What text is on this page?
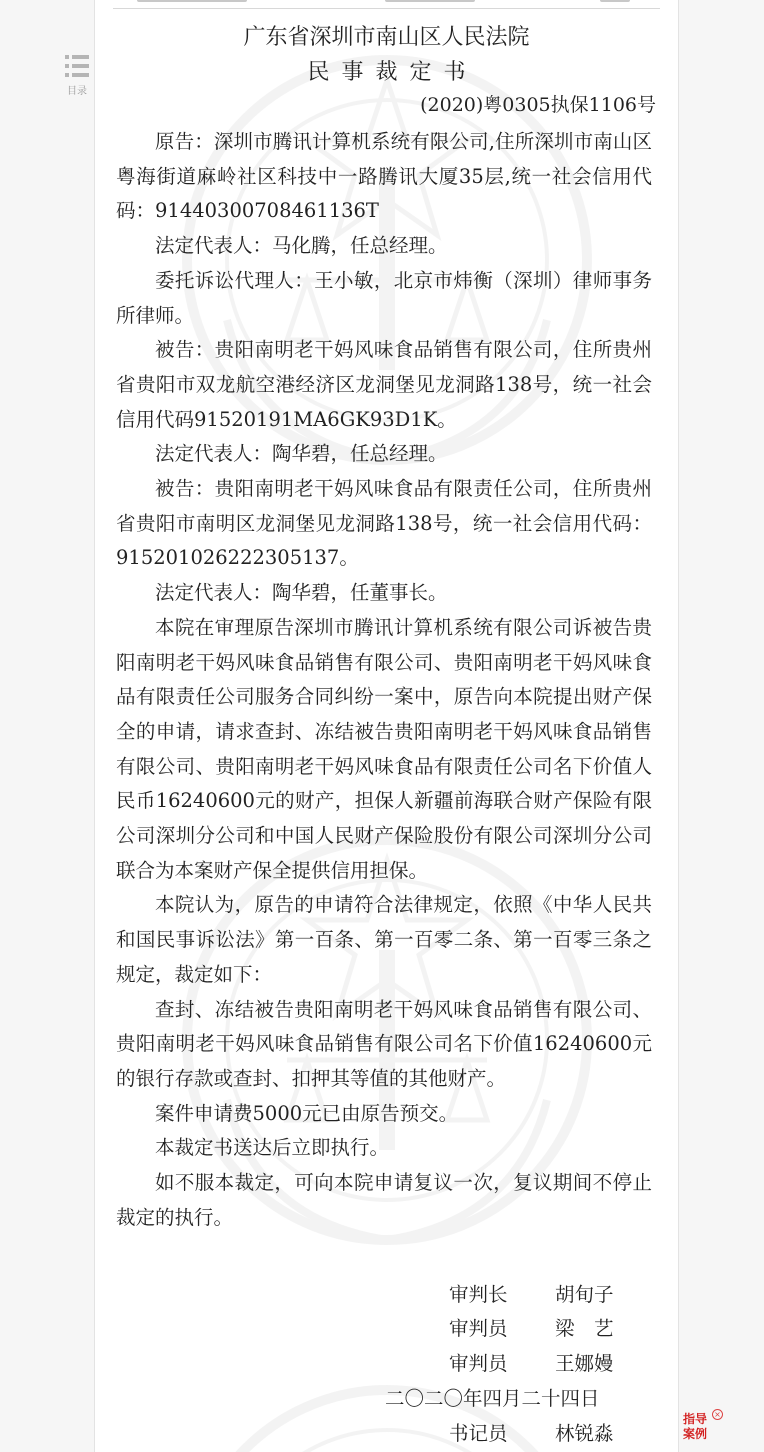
目录
广东省深圳市南山区人民法院
民事裁定书
(2020)粤0305执保1106号

原告：深圳市腾讯计算机系统有限公司,住所深圳市南山区粤海街道麻岭社区科技中一路腾讯大厦35层,统一社会信用代码：91440300708461136T

法定代表人：马化腾，任总经理。

委托诉讼代理人：王小敏，北京市炜衡（深圳）律师事务所律师。

被告：贵阳南明老干妈风味食品销售有限公司，住所贵州省贵阳市双龙航空港经济区龙洞堡见龙洞路138号，统一社会信用代码91520191MA6GK93D1K。

法定代表人：陶华碧，任总经理。

被告：贵阳南明老干妈风味食品有限责任公司，住所贵州省贵阳市南明区龙洞堡见龙洞路138号，统一社会信用代码：915201026222305137。

法定代表人：陶华碧，任董事长。

本院在审理原告深圳市腾讯计算机系统有限公司诉被告贵阳南明老干妈风味食品销售有限公司、贵阳南明老干妈风味食品有限责任公司服务合同纠纷一案中，原告向本院提出财产保全的申请，请求查封、冻结被告贵阳南明老干妈风味食品销售有限公司、贵阳南明老干妈风味食品有限责任公司名下价值人民币16240600元的财产，担保人新疆前海联合财产保险有限公司深圳分公司和中国人民财产保险股份有限公司深圳分公司联合为本案财产保全提供信用担保。

本院认为，原告的申请符合法律规定，依照《中华人民共和国民事诉讼法》第一百条、第一百零二条、第一百零三条之规定，裁定如下：

查封、冻结被告贵阳南明老干妈风味食品销售有限公司、贵阳南明老干妈风味食品销售有限公司名下价值16240600元的银行存款或查封、扣押其等值的其他财产。

案件申请费5000元已由原告预交。

本裁定书送达后立即执行。

如不服本裁定，可向本院申请复议一次，复议期间不停止裁定的执行。

审判长 胡旬子
审判员 梁　艺
审判员 王娜嫚
二〇二〇年四月二十四日
书记员 林锐淼
×
指导案例
